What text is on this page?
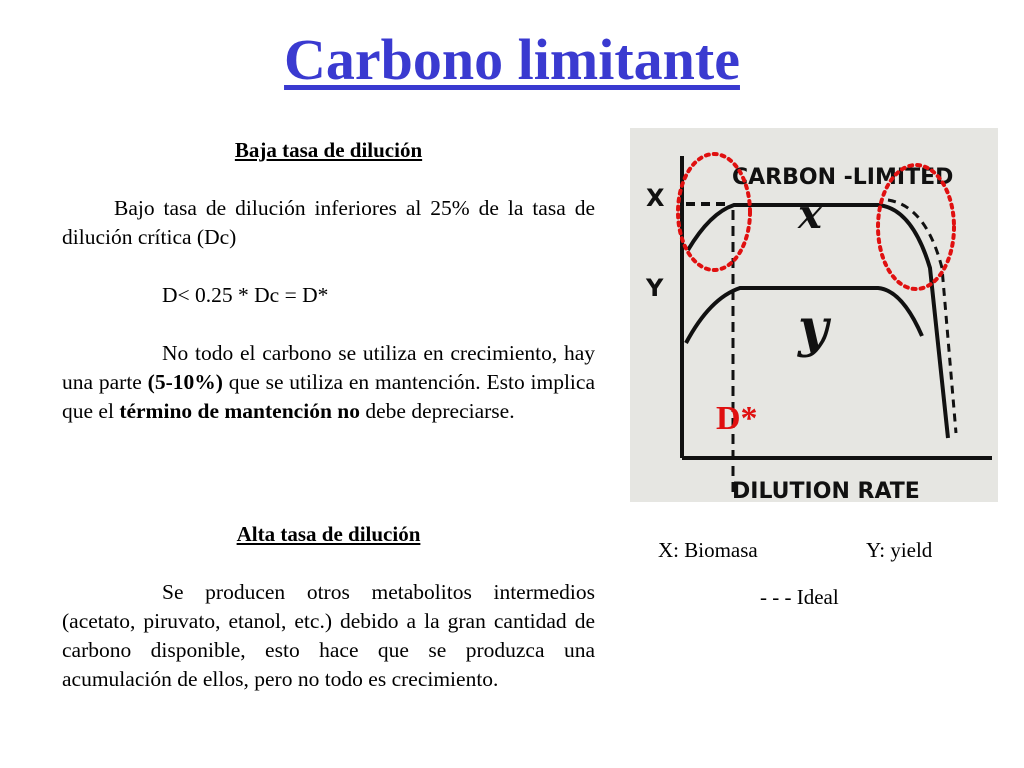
Carbono limitante

Baja tasa de dilución

Bajo tasa de dilución inferiores al 25% de la tasa de dilución crítica (Dc)

D< 0.25 * Dc = D*

No todo el carbono se utiliza en crecimiento, hay una parte (5-10%) que se utiliza en mantención. Esto implica que el término de mantención no debe depreciarse.

Alta tasa de dilución

Se producen otros metabolitos intermedios (acetato, piruvato, etanol, etc.) debido a la gran cantidad de carbono disponible, esto hace que se produzca una acumulación de ellos, pero no todo es crecimiento.

CARBON -LIMITED
X
Y
x
y
DILUTION RATE
D*
X: Biomasa	Y: yield
- - - Ideal
